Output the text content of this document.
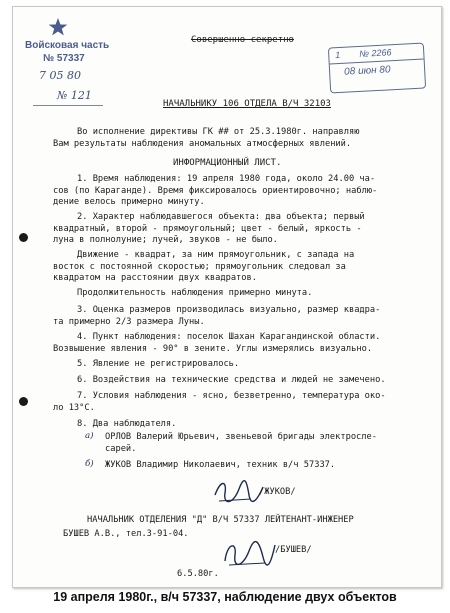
Войсковая часть
№ 57337
7 05 80
№ 121
Совершенно секретно
1 № 2266
08 июн 80
НАЧАЛЬНИКУ 106 ОТДЕЛА В/Ч 32103
Во исполнение директивы ГК ## от 25.3.1980г. направляю
Вам результаты наблюдения аномальных атмосферных явлений.
ИНФОРМАЦИОННЫЙ ЛИСТ.
1. Время наблюдения: 19 апреля 1980 года, около 24.00 ча-
сов (по Караганде). Время фиксировалось ориентировочно; наблю-
дение велось примерно минуту.
2. Характер наблюдавшегося объекта: два объекта; первый
квадратный, второй - прямоугольный; цвет - белый, яркость -
луна в полнолуние; лучей, звуков - не было.
Движение - квадрат, за ним прямоугольник, с запада на
восток с постоянной скоростью; прямоугольник следовал за
квадратом на расстоянии двух квадратов.
Продолжительность наблюдения примерно минута.
3. Оценка размеров производилась визуально, размер квадра-
та примерно 2/3 размера Луны.
4. Пункт наблюдения: поселок Шахан Карагандинской области.
Возвышение явления - 90° в зените. Углы измерялись визуально.
5. Явление не регистрировалось.
6. Воздействия на технические средства и людей не замечено.
7. Условия наблюдения - ясно, безветренно, температура око-
ло 13°С.
8. Два наблюдателя.
а) ОРЛОВ Валерий Юрьевич, звеньевой бригады электрослe-
сарей.
б) ЖУКОВ Владимир Николаевич, техник в/ч 57337.
/ЖУКОВ/
НАЧАЛЬНИК ОТДЕЛЕНИЯ "Д" В/Ч 57337 ЛЕЙТЕНАНТ-ИНЖЕНЕР
БУШЕВ А.В., тел.3-91-04.
/БУШЕВ/
6.5.80г.
19 апреля 1980г., в/ч 57337, наблюдение двух объектов
